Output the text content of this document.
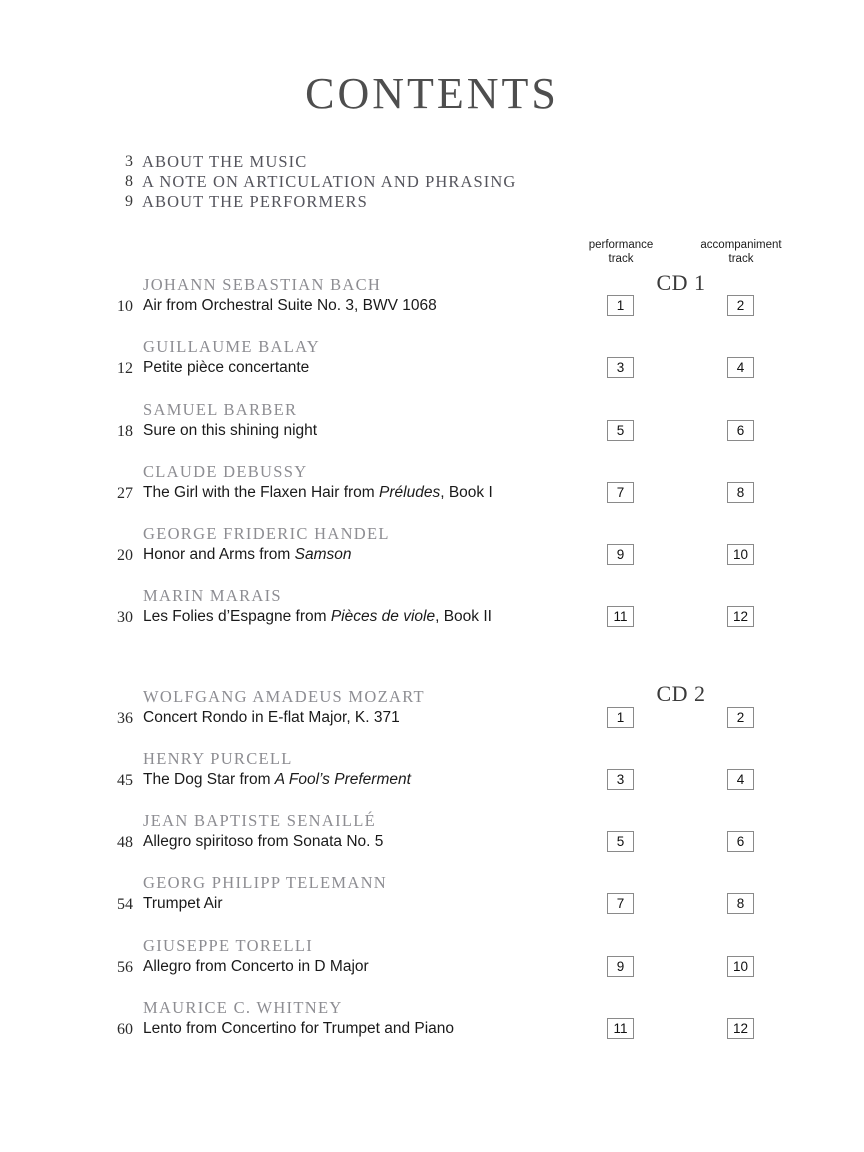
CONTENTS
3 ABOUT THE MUSIC
8 A NOTE ON ARTICULATION AND PHRASING
9 ABOUT THE PERFORMERS
performance
track
accompaniment
track
CD 1
CD 2
JOHANN SEBASTIAN BACH
10 Air from Orchestral Suite No. 3, BWV 1068	1	2
GUILLAUME BALAY
12 Petite pièce concertante	3	4
SAMUEL BARBER
18 Sure on this shining night	5	6
CLAUDE DEBUSSY
27 The Girl with the Flaxen Hair from Préludes, Book I	7	8
GEORGE FRIDERIC HANDEL
20 Honor and Arms from Samson	9	10
MARIN MARAIS
30 Les Folies d’Espagne from Pièces de viole, Book II	11	12
WOLFGANG AMADEUS MOZART
36 Concert Rondo in E-flat Major, K. 371	1	2
HENRY PURCELL
45 The Dog Star from A Fool’s Preferment	3	4
JEAN BAPTISTE SENAILLÉ
48 Allegro spiritoso from Sonata No. 5	5	6
GEORG PHILIPP TELEMANN
54 Trumpet Air	7	8
GIUSEPPE TORELLI
56 Allegro from Concerto in D Major	9	10
MAURICE C. WHITNEY
60 Lento from Concertino for Trumpet and Piano	11	12
